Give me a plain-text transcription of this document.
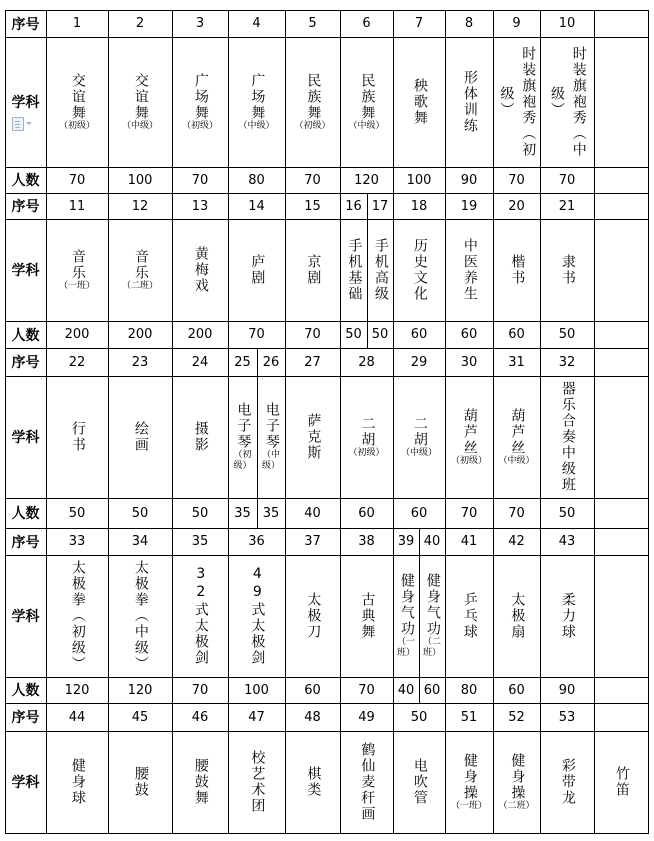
序号
学科
人数
1
交谊舞
（初级）
70
2
交谊舞
（中级）
100
3
广场舞
（初级）
70
4
广场舞
（中级）
80
5
民族舞
（初级）
70
6
民族舞
（中级）
120
7
秧歌舞
100
8
形体训练
90
9
时装旗袍秀（初级）
70
10
时装旗袍秀（中级）
70
序号
学科
人数
11
音乐
（一班）
200
12
音乐
（二班）
200
13
黄梅戏
200
14
庐剧
70
15
京剧
70
16
手机基础
50
17
手机高级
50
18
历史文化
60
19
中医养生
60
20
楷书
60
21
隶书
50
序号
学科
人数
22
行书
50
23
绘画
50
24
摄影
50
25
电子琴
（初级）
35
26
电子琴
（中级）
35
27
萨克斯
40
28
二胡
（初级）
60
29
二胡
（中级）
60
30
葫芦丝
（初级）
70
31
葫芦丝
（中级）
70
32
器乐合奏中级班
50
序号
学科
人数
33
太极拳（初级）
120
34
太极拳（中级）
120
35
32式太极剑
70
36
49式太极剑
100
37
太极刀
60
38
古典舞
70
39
健身气功
（一班）
40
40
健身气功
（二班）
60
41
乒乓球
80
42
太极扇
60
43
柔力球
90
序号
学科
44
健身球
45
腰鼓
46
腰鼓舞
47
校艺术团
48
棋类
49
鹤仙麦秆画
50
电吹管
51
健身操
（一班）
52
健身操
（二班）
53
彩带龙	竹笛
